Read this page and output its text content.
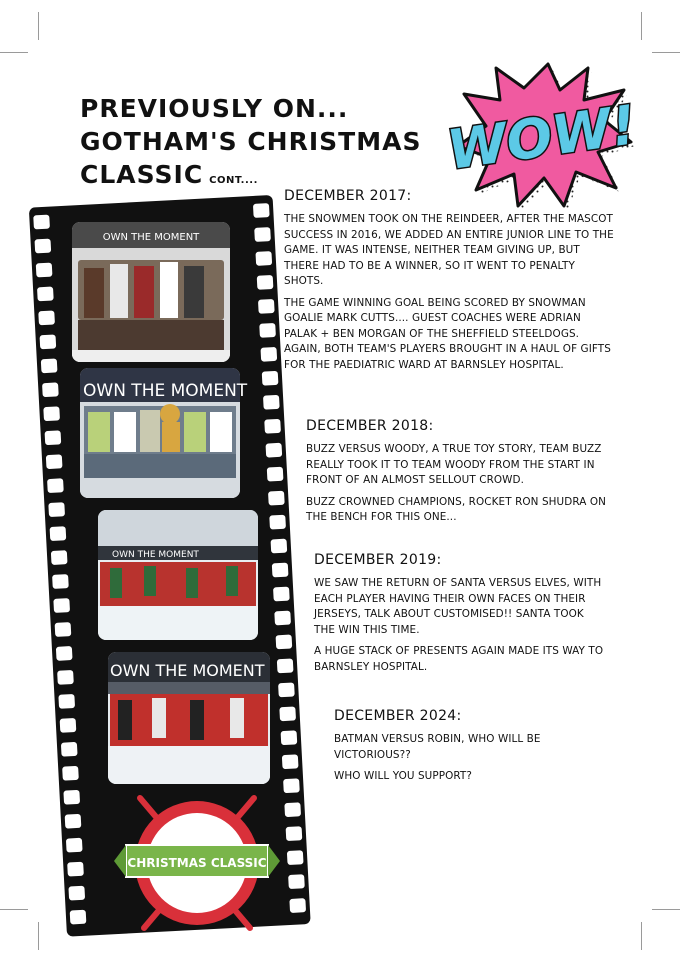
PREVIOUSLY ON...
GOTHAM'S CHRISTMAS
CLASSIC CONT....	WOW!
OWN THE MOMENT
OWN THE MOMENT
OWN THE MOMENT
OWN THE MOMENT
CHRISTMAS CLASSIC
DECEMBER 2017:

THE SNOWMEN TOOK ON THE REINDEER, AFTER THE MASCOT SUCCESS IN 2016, WE ADDED AN ENTIRE JUNIOR LINE TO THE GAME. IT WAS INTENSE, NEITHER TEAM GIVING UP, BUT THERE HAD TO BE A WINNER, SO IT WENT TO PENALTY SHOTS.

THE GAME WINNING GOAL BEING SCORED BY SNOWMAN GOALIE MARK CUTTS.... GUEST COACHES WERE ADRIAN PALAK + BEN MORGAN OF THE SHEFFIELD STEELDOGS. AGAIN, BOTH TEAM'S PLAYERS BROUGHT IN A HAUL OF GIFTS FOR THE PAEDIATRIC WARD AT BARNSLEY HOSPITAL.

DECEMBER 2018:

BUZZ VERSUS WOODY, A TRUE TOY STORY, TEAM BUZZ REALLY TOOK IT TO TEAM WOODY FROM THE START IN FRONT OF AN ALMOST SELLOUT CROWD.

BUZZ CROWNED CHAMPIONS, ROCKET RON SHUDRA ON THE BENCH FOR THIS ONE...

DECEMBER 2019:

WE SAW THE RETURN OF SANTA VERSUS ELVES, WITH EACH PLAYER HAVING THEIR OWN FACES ON THEIR JERSEYS, TALK ABOUT CUSTOMISED!! SANTA TOOK THE WIN THIS TIME.

A HUGE STACK OF PRESENTS AGAIN MADE ITS WAY TO BARNSLEY HOSPITAL.

DECEMBER 2024:

BATMAN VERSUS ROBIN, WHO WILL BE VICTORIOUS??

WHO WILL YOU SUPPORT?
